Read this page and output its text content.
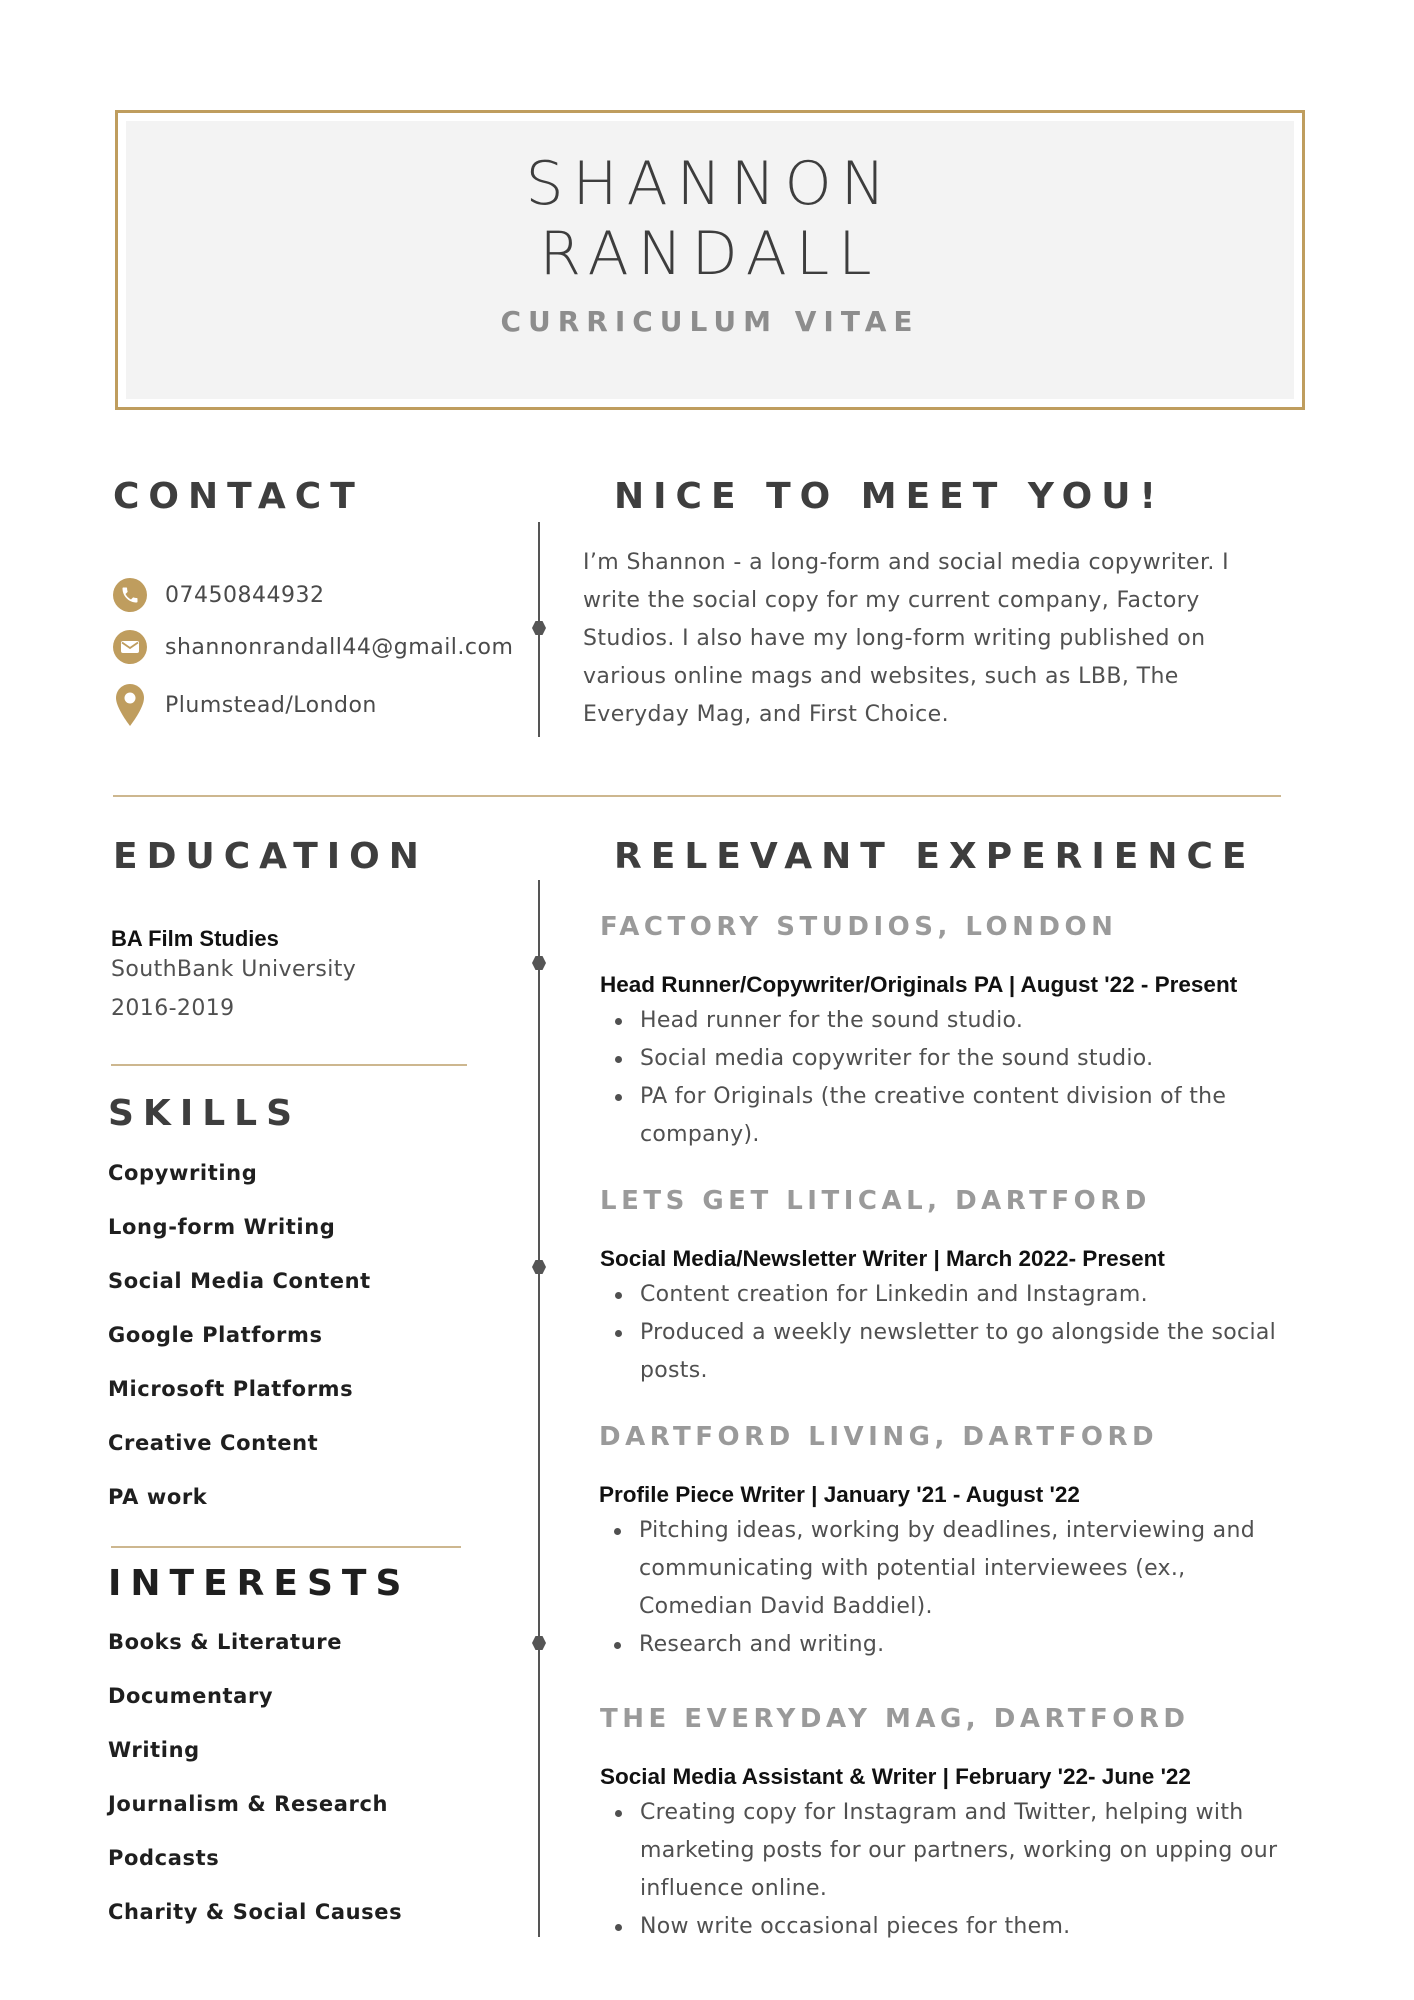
SHANNON
RANDALL
CURRICULUM VITAE
CONTACT
07450844932
shannonrandall44@gmail.com
Plumstead/London
NICE TO MEET YOU!
I’m Shannon - a long-form and social media copywriter. I
write the social copy for my current company, Factory
Studios. I also have my long-form writing published on
various online mags and websites, such as LBB, The
Everyday Mag, and First Choice.
EDUCATION
BA Film Studies
SouthBank University
2016-2019
SKILLS
Copywriting
Long-form Writing
Social Media Content
Google Platforms
Microsoft Platforms
Creative Content
PA work
INTERESTS
Books & Literature
Documentary
Writing
Journalism & Research
Podcasts
Charity & Social Causes
RELEVANT EXPERIENCE
FACTORY STUDIOS, LONDON
Head Runner/Copywriter/Originals PA | August '22 - Present
Head runner for the sound studio.
Social media copywriter for the sound studio.
PA for Originals (the creative content division of the
company).
LETS GET LITICAL, DARTFORD
Social Media/Newsletter Writer | March 2022- Present
Content creation for Linkedin and Instagram.
Produced a weekly newsletter to go alongside the social
posts.
DARTFORD LIVING, DARTFORD
Profile Piece Writer | January '21 - August '22
Pitching ideas, working by deadlines, interviewing and
communicating with potential interviewees (ex.,
Comedian David Baddiel).
Research and writing.
THE EVERYDAY MAG, DARTFORD
Social Media Assistant & Writer | February '22- June '22
Creating copy for Instagram and Twitter, helping with
marketing posts for our partners, working on upping our
influence online.
Now write occasional pieces for them.
